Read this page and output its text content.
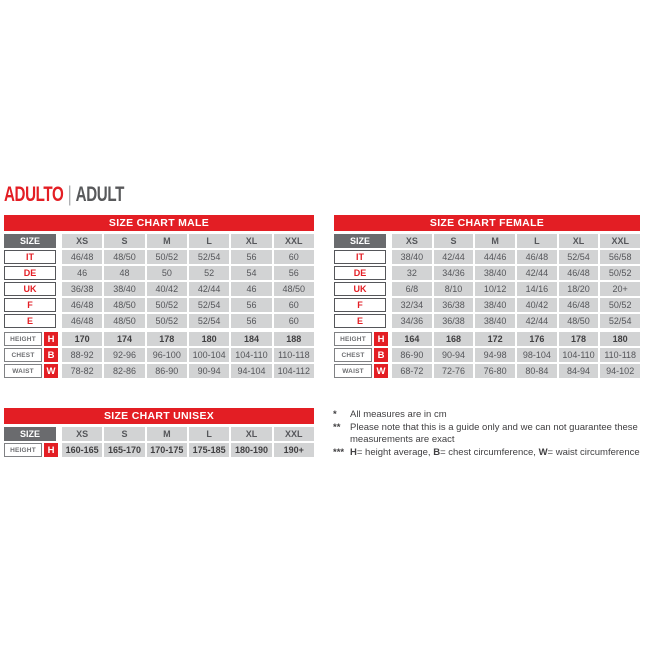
ADULTO | ADULT
SIZE CHART MALE
SIZE	XS	S	M	L	XL	XXL
IT	46/48	48/50	50/52	52/54	56	60
DE	46	48	50	52	54	56
UK	36/38	38/40	40/42	42/44	46	48/50
F	46/48	48/50	50/52	52/54	56	60
E	46/48	48/50	50/52	52/54	56	60
HEIGHT	H	170	174	178	180	184	188
CHEST	B	88-92	92-96	96-100	100-104	104-110	110-118
WAIST	W	78-82	82-86	86-90	90-94	94-104	104-112
SIZE CHART FEMALE
SIZE	XS	S	M	L	XL	XXL
IT	38/40	42/44	44/46	46/48	52/54	56/58
DE	32	34/36	38/40	42/44	46/48	50/52
UK	6/8	8/10	10/12	14/16	18/20	20+
F	32/34	36/38	38/40	40/42	46/48	50/52
E	34/36	36/38	38/40	42/44	48/50	52/54
HEIGHT	H	164	168	172	176	178	180
CHEST	B	86-90	90-94	94-98	98-104	104-110	110-118
WAIST	W	68-72	72-76	76-80	80-84	84-94	94-102
SIZE CHART UNISEX
SIZE	XS	S	M	L	XL	XXL
HEIGHT	H	160-165	165-170	170-175	175-185	180-190	190+
*	All measures are in cm
**	Please note that this is a guide only and we can not guarantee these measurements are exact
*** H= height average, B= chest circumference, W= waist circumference
